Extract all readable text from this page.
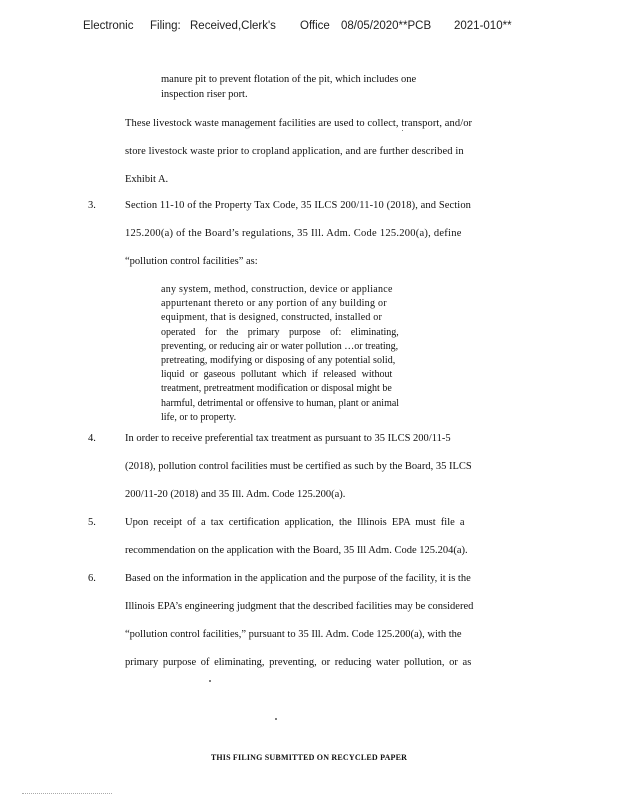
Electronic Filing: Received,Clerk's Office 08/05/2020**PCB 2021-010**
manure pit to prevent flotation of the pit, which includes one
inspection riser port.
These livestock waste management facilities are used to collect, transport, and/or
store livestock waste prior to cropland application, and are further described in
Exhibit A.
3.	Section 11-10 of the Property Tax Code, 35 ILCS 200/11-10 (2018), and Section
125.200(a) of the Board’s regulations, 35 Ill. Adm. Code 125.200(a), define
“pollution control facilities” as:
any system, method, construction, device or appliance
appurtenant thereto or any portion of any building or
equipment, that is designed, constructed, installed or
operated for the primary purpose of: eliminating,
preventing, or reducing air or water pollution …or treating,
pretreating, modifying or disposing of any potential solid,
liquid or gaseous pollutant which if released without
treatment, pretreatment modification or disposal might be
harmful, detrimental or offensive to human, plant or animal
life, or to property.
4.	In order to receive preferential tax treatment as pursuant to 35 ILCS 200/11-5
(2018), pollution control facilities must be certified as such by the Board, 35 ILCS
200/11-20 (2018) and 35 Ill. Adm. Code 125.200(a).
5.	Upon receipt of a tax certification application, the Illinois EPA must file a
recommendation on the application with the Board, 35 Ill Adm. Code 125.204(a).
6.	Based on the information in the application and the purpose of the facility, it is the
Illinois EPA’s engineering judgment that the described facilities may be considered
“pollution control facilities,” pursuant to 35 Ill. Adm. Code 125.200(a), with the
primary purpose of eliminating, preventing, or reducing water pollution, or as
THIS FILING SUBMITTED ON RECYCLED PAPER
